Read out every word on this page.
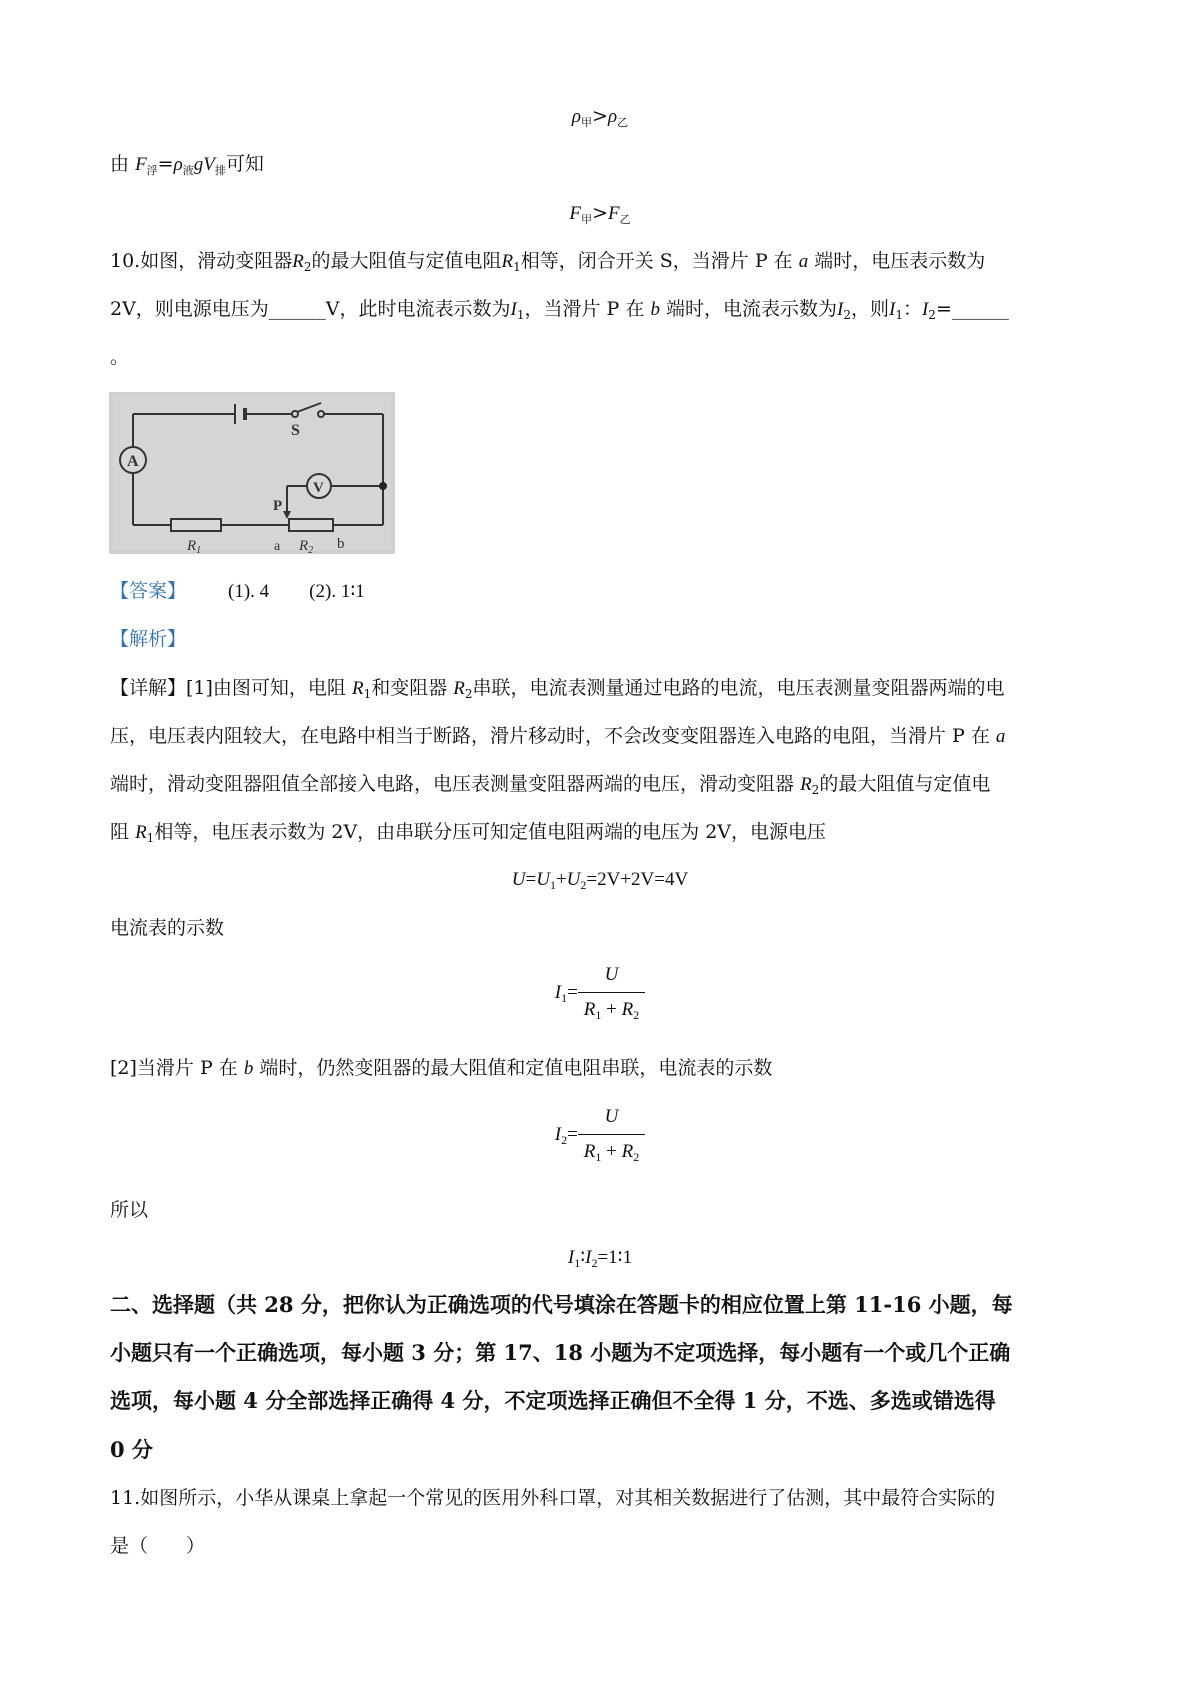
$\rho_甲>\rho_乙$
由 $F_浮=\rho_液gV_排$可知
$F_甲>F_乙$
10.如图，滑动变阻器$R_2$的最大阻值与定值电阻$R_1$相等，闭合开关 S，当滑片 P 在 a 端时，电压表示数为
2V，则电源电压为______V，此时电流表示数为$I_1$，当滑片 P 在 b 端时，电流表示数为$I_2$，则$I_1$：$I_2=\_\_\_\_\_\_$
。
S
A
V
$R_1$	$R_2$
P
a	b
【答案】 (1). 4 (2). 1∶1
【解析】
【详解】[1]由图可知，电阻 $R_1$和变阻器 $R_2$串联，电流表测量通过电路的电流，电压表测量变阻器两端的电
压，电压表内阻较大，在电路中相当于断路，滑片移动时，不会改变变阻器连入电路的电阻，当滑片 P 在 a
端时，滑动变阻器阻值全部接入电路，电压表测量变阻器两端的电压，滑动变阻器 $R_2$的最大阻值与定值电
阻 $R_1$相等，电压表示数为 2V，由串联分压可知定值电阻两端的电压为 2V，电源电压
$U=U_1+U_2=2V+2V=4V$
电流表的示数
$I_1= \frac{U}{R_1 + R_2}$
[2]当滑片 P 在 b 端时，仍然变阻器的最大阻值和定值电阻串联，电流表的示数
$I_2= \frac{U}{R_1 + R_2}$
所以
$I_1∶I_2=1∶1$
二、选择题（共 28 分，把你认为正确选项的代号填涂在答题卡的相应位置上第 11-16 小题，每
小题只有一个正确选项，每小题 3 分；第 17、18 小题为不定项选择，每小题有一个或几个正确
选项，每小题 4 分全部选择正确得 4 分，不定项选择正确但不全得 1 分，不选、多选或错选得
0 分
11.如图所示，小华从课桌上拿起一个常见的医用外科口罩，对其相关数据进行了估测，其中最符合实际的
是（　　）
